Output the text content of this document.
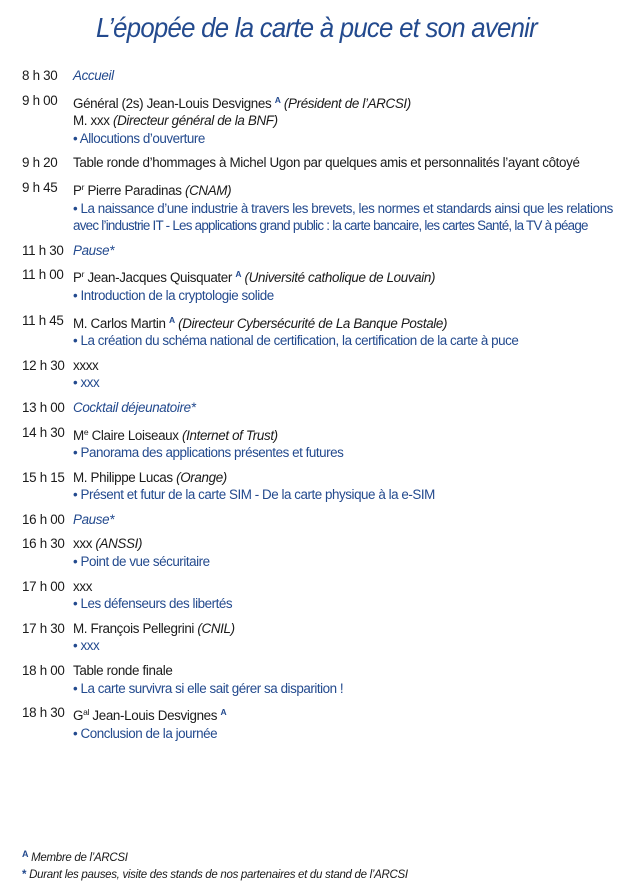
L’épopée de la carte à puce et son avenir
8 h 30	Accueil
9 h 00	Général (2s) Jean-Louis Desvignes $^A$ (Président de l’ARCSI)
M. xxx (Directeur général de la BNF)
• Allocutions d’ouverture
9 h 20	Table ronde d’hommages à Michel Ugon par quelques amis et personnalités l’ayant côtoyé
9 h 45	$P^r$ Pierre Paradinas (CNAM)
• La naissance d’une industrie à travers les brevets, les normes et standards ainsi que les relations
avec l’industrie IT - Les applications grand public : la carte bancaire, les cartes Santé, la TV à péage
11 h 30 Pause*
11 h 00 $P^r$ Jean-Jacques Quisquater $^A$ (Université catholique de Louvain)
• Introduction de la cryptologie solide
11 h 45 M. Carlos Martin $^A$ (Directeur Cybersécurité de La Banque Postale)
• La création du schéma national de certification, la certification de la carte à puce
12 h 30 xxxx
• xxx
13 h 00 Cocktail déjeunatoire*
14 h 30 Me Claire Loiseaux (Internet of Trust)
• Panorama des applications présentes et futures
15 h 15 M. Philippe Lucas (Orange)
• Présent et futur de la carte SIM - De la carte physique à la e-SIM
16 h 00 Pause*
16 h 30 xxx (ANSSI)
• Point de vue sécuritaire
17 h 00 xxx
• Les défenseurs des libertés
17 h 30 M. François Pellegrini (CNIL)
• xxx
18 h 00 Table ronde finale
• La carte survivra si elle sait gérer sa disparition !
18 h 30 $G^{al}$ Jean-Louis Desvignes $^A$
• Conclusion de la journée
$^A$ Membre de l’ARCSI
* Durant les pauses, visite des stands de nos partenaires et du stand de l’ARCSI
